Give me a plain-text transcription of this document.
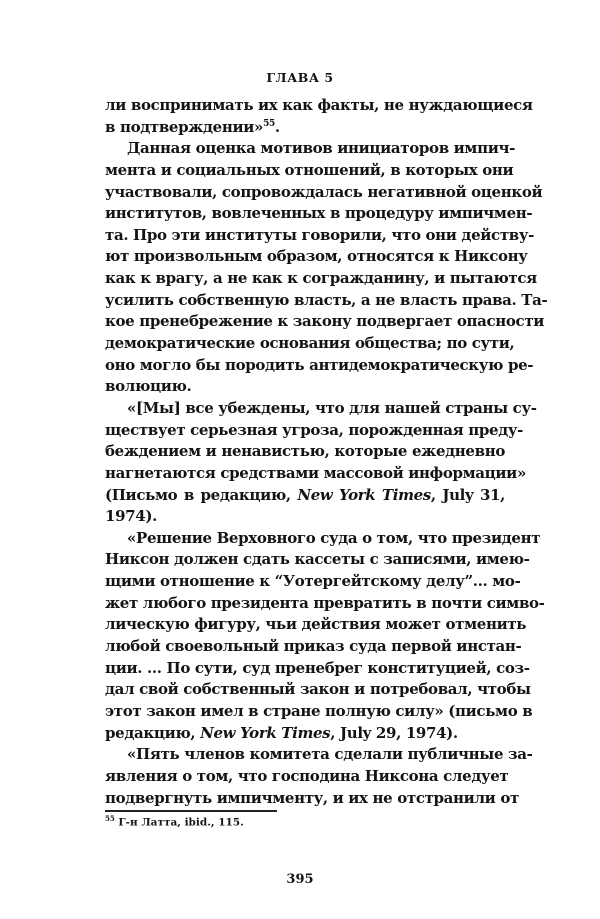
ГЛАВА 5
ли воспринимать их как факты, не нуждающиеся
в подтверждении»$^{55}$.
Данная оценка мотивов инициаторов импич-
мента и социальных отношений, в которых они
участвовали, сопровождалась негативной оценкой
институтов, вовлеченных в процедуру импичмен-
та. Про эти институты говорили, что они действу-
ют произвольным образом, относятся к Никсону
как к врагу, а не как к согражданину, и пытаются
усилить собственную власть, а не власть права. Та-
кое пренебрежение к закону подвергает опасности
демократические основания общества; по сути,
оно могло бы породить антидемократическую ре-
волюцию.
«[Мы] все убеждены, что для нашей страны су-
ществует серьезная угроза, порожденная преду-
беждением и ненавистью, которые ежедневно
нагнетаются средствами массовой информации»
(Письмо в редакцию, New York Times, July 31,
1974).
«Решение Верховного суда о том, что президент
Никсон должен сдать кассеты с записями, имею-
щими отношение к “Уотергейтскому делу”... мо-
жет любого президента превратить в почти симво-
лическую фигуру, чьи действия может отменить
любой своевольный приказ суда первой инстан-
ции. ... По сути, суд пренебрег конституцией, соз-
дал свой собственный закон и потребовал, чтобы
этот закон имел в стране полную силу» (письмо в
редакцию, New York Times, July 29, 1974).
«Пять членов комитета сделали публичные за-
явления о том, что господина Никсона следует
подвергнуть импичменту, и их не отстранили от
$^{55}$ Г-н Латта, ibid., 115.
395
